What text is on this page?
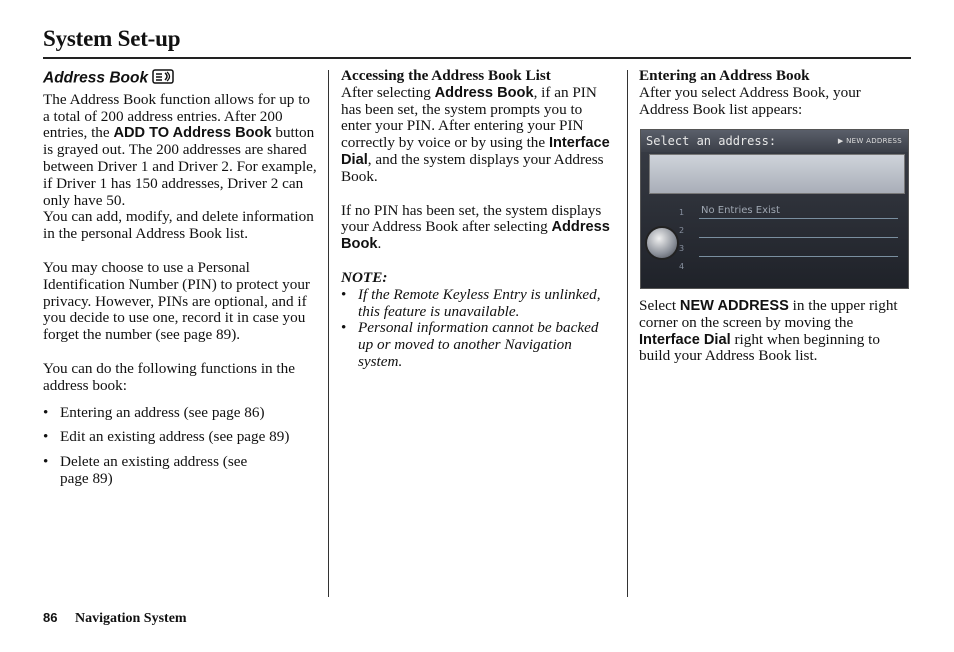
System Set-up

Address Book

The Address Book function allows for up to a total of 200 address entries. After 200 entries, the ADD TO Address Book button is grayed out. The 200 addresses are shared between Driver 1 and Driver 2. For example, if Driver 1 has 150 addresses, Driver 2 can only have 50.

You can add, modify, and delete information in the personal Address Book list.

You may choose to use a Personal Identification Number (PIN) to protect your privacy. However, PINs are optional, and if you decide to use one, record it in case you forget the number (see page 89).

You can do the following functions in the address book:

• Entering an address (see page 86)
• Edit an existing address (see page 89)
• Delete an existing address (see page 89)

Accessing the Address Book List

After selecting Address Book, if an PIN has been set, the system prompts you to enter your PIN. After entering your PIN correctly by voice or by using the Interface Dial, and the system displays your Address Book.

If no PIN has been set, the system displays your Address Book after selecting Address Book.

NOTE:

• If the Remote Keyless Entry is unlinked, this feature is unavailable.
• Personal information cannot be backed up or moved to another Navigation system.

Entering an Address Book

After you select Address Book, your Address Book list appears:

Select an address:
▶	NEW ADDRESS
1
2
3
4
No Entries Exist

Select NEW ADDRESS in the upper right corner on the screen by moving the Interface Dial right when beginning to build your Address Book list.

86 Navigation System
